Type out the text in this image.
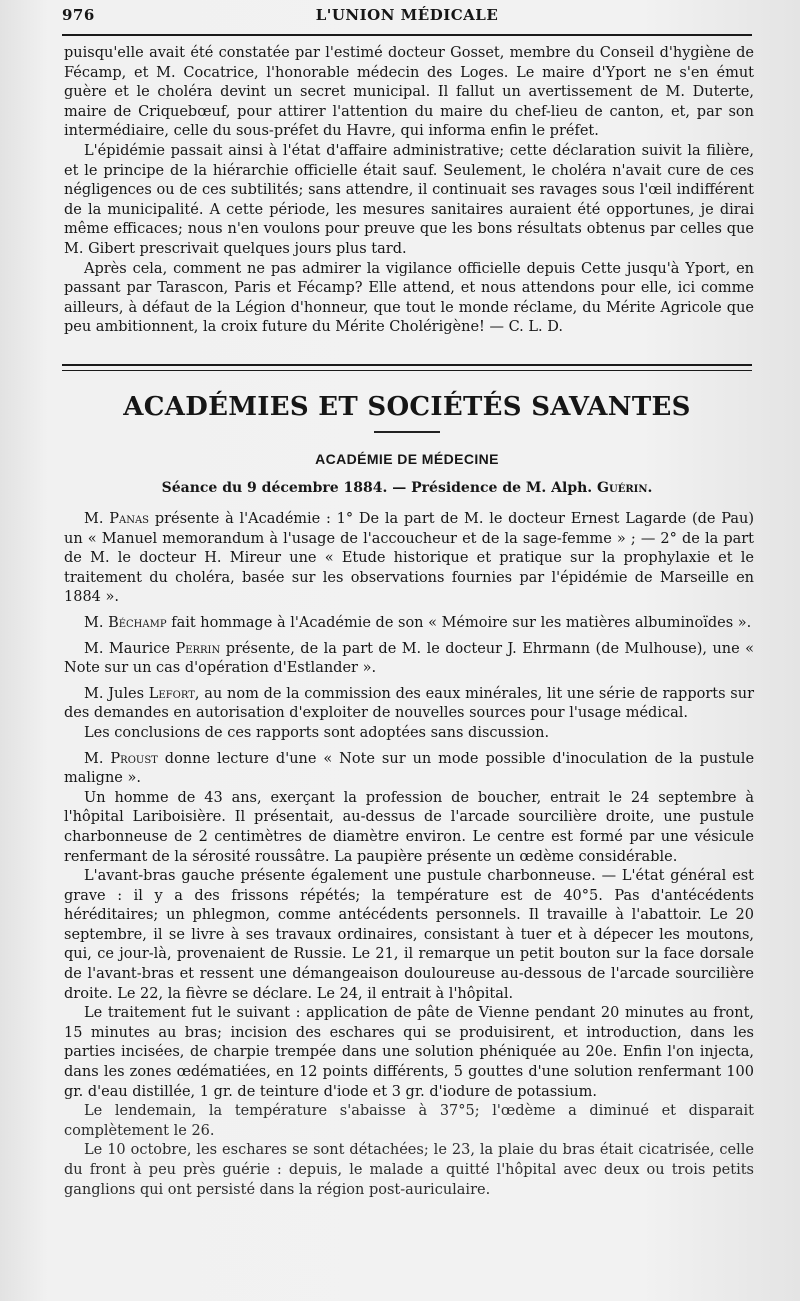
976	L'UNION MÉDICALE

puisqu'elle avait été constatée par l'estimé docteur Gosset, membre du Conseil d'hygiène de Fécamp, et M. Cocatrice, l'honorable médecin des Loges. Le maire d'Yport ne s'en émut guère et le choléra devint un secret municipal. Il fallut un avertissement de M. Duterte, maire de Criquebœuf, pour attirer l'attention du maire du chef-lieu de canton, et, par son intermédiaire, celle du sous-préfet du Havre, qui informa enfin le préfet.

L'épidémie passait ainsi à l'état d'affaire administrative; cette déclaration suivit la filière, et le principe de la hiérarchie officielle était sauf. Seulement, le choléra n'avait cure de ces négligences ou de ces subtilités; sans attendre, il continuait ses ravages sous l'œil indifférent de la municipalité. A cette période, les mesures sanitaires auraient été opportunes, je dirai même efficaces; nous n'en voulons pour preuve que les bons résultats obtenus par celles que M. Gibert prescrivait quelques jours plus tard.

Après cela, comment ne pas admirer la vigilance officielle depuis Cette jusqu'à Yport, en passant par Tarascon, Paris et Fécamp? Elle attend, et nous attendons pour elle, ici comme ailleurs, à défaut de la Légion d'honneur, que tout le monde réclame, du Mérite Agricole que peu ambitionnent, la croix future du Mérite Cholérigène! — C. L. D.

ACADÉMIES ET SOCIÉTÉS SAVANTES
ACADÉMIE DE MÉDECINE
Séance du 9 décembre 1884. — Présidence de M. Alph. Guérin.

M. Panas présente à l'Académie : 1° De la part de M. le docteur Ernest Lagarde (de Pau) un « Manuel memorandum à l'usage de l'accoucheur et de la sage-femme » ; — 2° de la part de M. le docteur H. Mireur une « Etude historique et pratique sur la prophylaxie et le traitement du choléra, basée sur les observations fournies par l'épidémie de Marseille en 1884 ».

M. Béchamp fait hommage à l'Académie de son « Mémoire sur les matières albuminoïdes ».

M. Maurice Perrin présente, de la part de M. le docteur J. Ehrmann (de Mulhouse), une « Note sur un cas d'opération d'Estlander ».

M. Jules Lefort, au nom de la commission des eaux minérales, lit une série de rapports sur des demandes en autorisation d'exploiter de nouvelles sources pour l'usage médical.

Les conclusions de ces rapports sont adoptées sans discussion.

M. Proust donne lecture d'une « Note sur un mode possible d'inoculation de la pustule maligne ».

Un homme de 43 ans, exerçant la profession de boucher, entrait le 24 septembre à l'hôpital Lariboisière. Il présentait, au-dessus de l'arcade sourcilière droite, une pustule charbonneuse de 2 centimètres de diamètre environ. Le centre est formé par une vésicule renfermant de la sérosité roussâtre. La paupière présente un œdème considérable.

L'avant-bras gauche présente également une pustule charbonneuse. — L'état général est grave : il y a des frissons répétés; la température est de 40°5. Pas d'antécédents héréditaires; un phlegmon, comme antécédents personnels. Il travaille à l'abattoir. Le 20 septembre, il se livre à ses travaux ordinaires, consistant à tuer et à dépecer les moutons, qui, ce jour-là, provenaient de Russie. Le 21, il remarque un petit bouton sur la face dorsale de l'avant-bras et ressent une démangeaison douloureuse au-dessous de l'arcade sourcilière droite. Le 22, la fièvre se déclare. Le 24, il entrait à l'hôpital.

Le traitement fut le suivant : application de pâte de Vienne pendant 20 minutes au front, 15 minutes au bras; incision des eschares qui se produisirent, et introduction, dans les parties incisées, de charpie trempée dans une solution phéniquée au 20e. Enfin l'on injecta, dans les zones œdématiées, en 12 points différents, 5 gouttes d'une solution renfermant 100 gr. d'eau distillée, 1 gr. de teinture d'iode et 3 gr. d'iodure de potassium.

Le lendemain, la température s'abaisse à 37°5; l'œdème a diminué et disparait complètement le 26.

Le 10 octobre, les eschares se sont détachées; le 23, la plaie du bras était cicatrisée, celle du front à peu près guérie : depuis, le malade a quitté l'hôpital avec deux ou trois petits ganglions qui ont persisté dans la région post-auriculaire.
